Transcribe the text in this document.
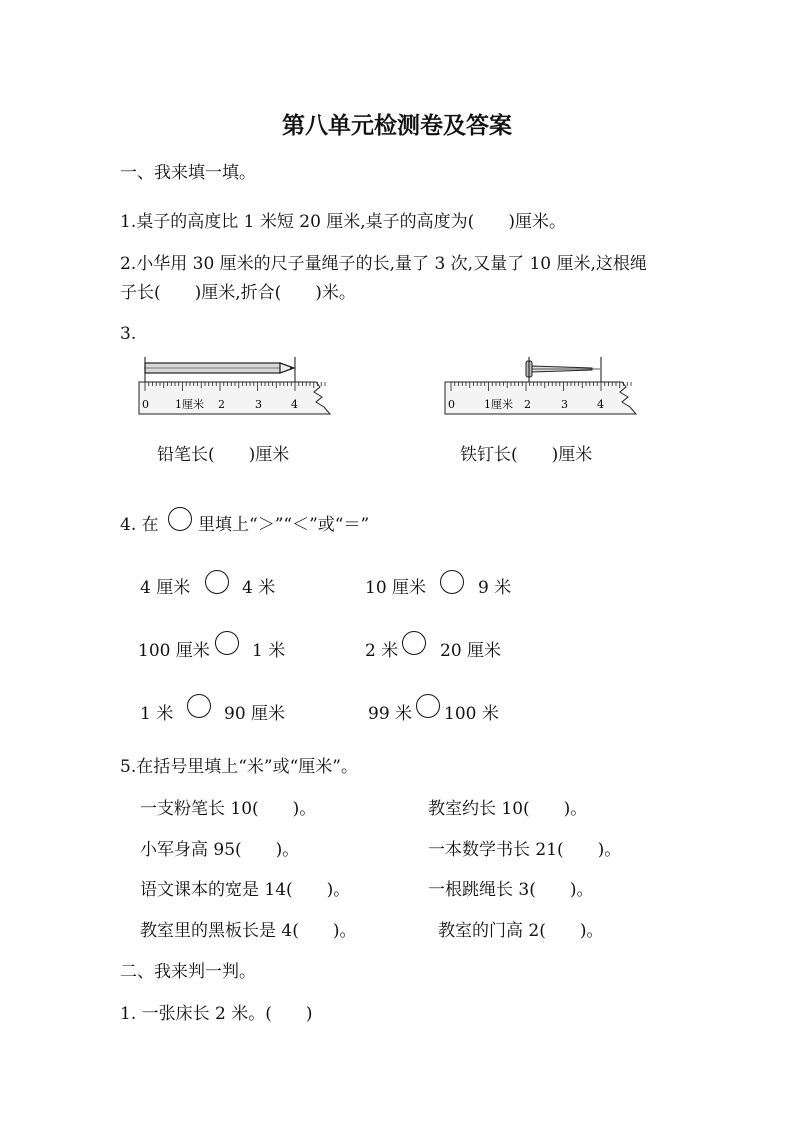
第八单元检测卷及答案
一、我来填一填。
1.桌子的高度比 1 米短 20 厘米,桌子的高度为(　　)厘米。
2.小华用 30 厘米的尺子量绳子的长,量了 3 次,又量了 10 厘米,这根绳
子长(　　)厘米,折合(　　)米。
3.
0 1厘米 2	3	4	0	1厘米 2	3	4
铅笔长(　　)厘米	铁钉长(　　)厘米
4. 在 里填上“＞”“＜”或“＝”
4 厘米	4 米	10 厘米	9 米
100 厘米 1 米	2 米 20 厘米
1 米	90 厘米	99 米 100 米
5.在括号里填上“米”或“厘米”。
一支粉笔长 10(　　)。	教室约长 10(　　)。
小军身高 95(　　)。	一本数学书长 21(　　)。
语文课本的宽是 14(　　)。	一根跳绳长 3(　　)。
教室里的黑板长是 4(　　)。	教室的门高 2(　　)。
二、我来判一判。
1. 一张床长 2 米。(　　)
